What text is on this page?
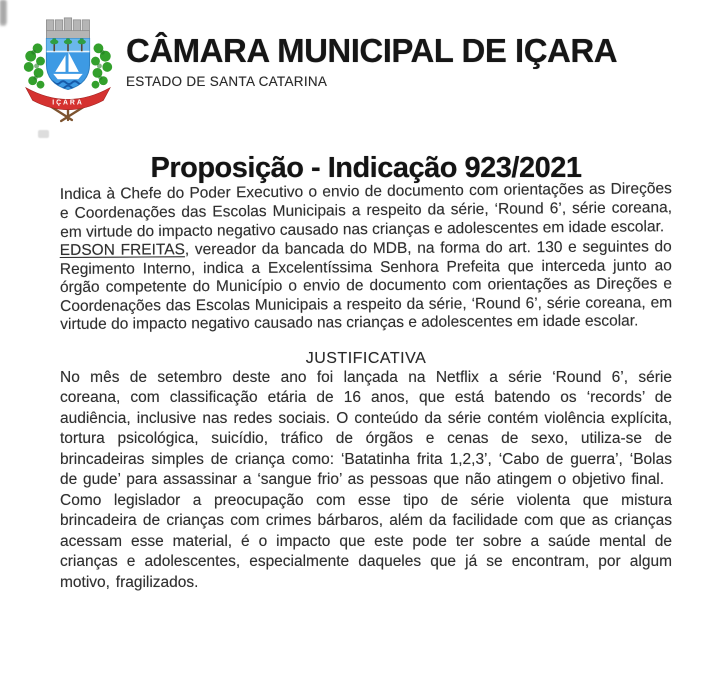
IÇARA
CÂMARA MUNICIPAL DE IÇARA
ESTADO DE SANTA CATARINA
Proposição - Indicação 923/2021

Indica à Chefe do Poder Executivo o envio de documento com orientações as Direções e Coordenações das Escolas Municipais a respeito da série, ‘Round 6’, série coreana, em virtude do impacto negativo causado nas crianças e adolescentes em idade escolar.

EDSON FREITAS, vereador da bancada do MDB, na forma do art. 130 e seguintes do Regimento Interno, indica a Excelentíssima Senhora Prefeita que interceda junto ao órgão competente do Município o envio de documento com orientações as Direções e Coordenações das Escolas Municipais a respeito da série, ‘Round 6’, série coreana, em virtude do impacto negativo causado nas crianças e adolescentes em idade escolar.

JUSTIFICATIVA

No mês de setembro deste ano foi lançada na Netflix a série ‘Round 6’, série coreana, com classificação etária de 16 anos, que está batendo os ‘records’ de audiência, inclusive nas redes sociais. O conteúdo da série contém violência explícita, tortura psicológica, suicídio, tráfico de órgãos e cenas de sexo, utiliza-se de brincadeiras simples de criança como: ‘Batatinha frita 1,2,3’, ‘Cabo de guerra’, ‘Bolas de gude’ para assassinar a ‘sangue frio’ as pessoas que não atingem o objetivo final.

Como legislador a preocupação com esse tipo de série violenta que mistura brincadeira de crianças com crimes bárbaros, além da facilidade com que as crianças acessam esse material, é o impacto que este pode ter sobre a saúde mental de crianças e adolescentes, especialmente daqueles que já se encontram, por algum motivo, fragilizados.
